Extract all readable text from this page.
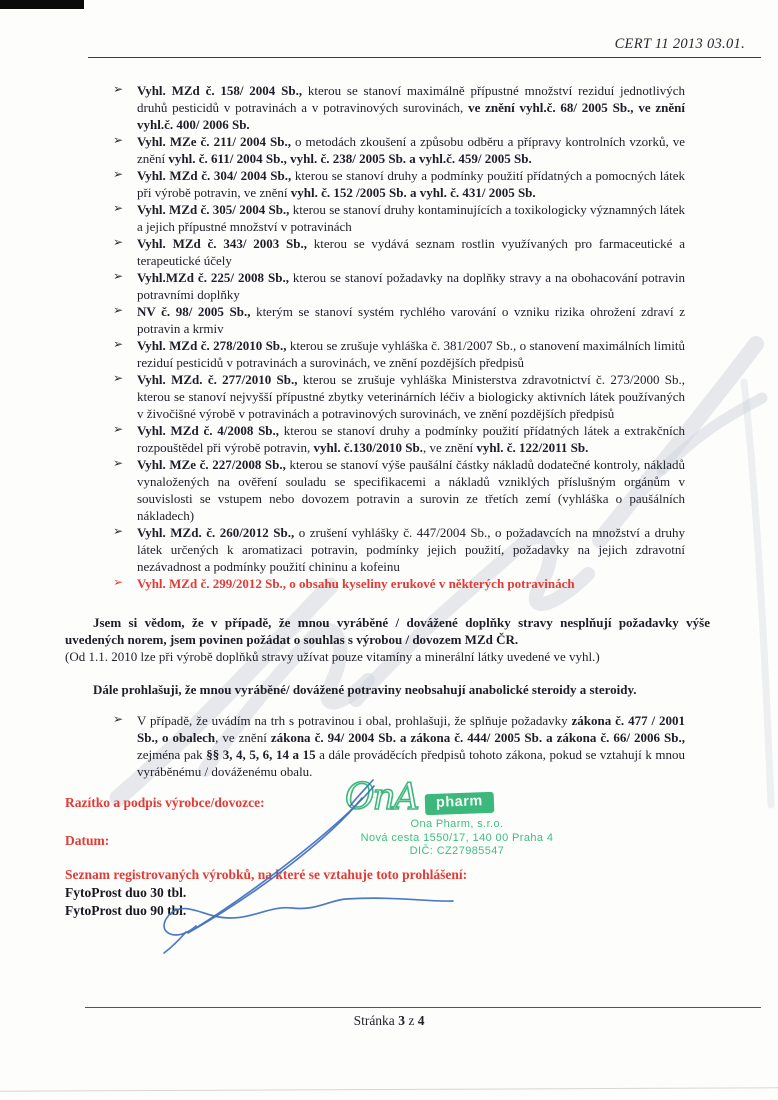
CERT 11 2013 03.01.
➢ Vyhl. MZd č. 158/ 2004 Sb., kterou se stanoví maximálně přípustné množství reziduí jednotlivých druhů pesticidů v potravinách a v potravinových surovinách, ve znění vyhl.č. 68/ 2005 Sb., ve znění vyhl.č. 400/ 2006 Sb.
➢ Vyhl. MZe č. 211/ 2004 Sb., o metodách zkoušení a způsobu odběru a přípravy kontrolních vzorků, ve znění vyhl. č. 611/ 2004 Sb., vyhl. č. 238/ 2005 Sb. a vyhl.č. 459/ 2005 Sb.
➢ Vyhl. MZd č. 304/ 2004 Sb., kterou se stanoví druhy a podmínky použití přídatných a pomocných látek při výrobě potravin, ve znění vyhl. č. 152 /2005 Sb. a vyhl. č. 431/ 2005 Sb.
➢ Vyhl. MZd č. 305/ 2004 Sb., kterou se stanoví druhy kontaminujících a toxikologicky významných látek a jejich přípustné množství v potravinách
➢ Vyhl. MZd č. 343/ 2003 Sb., kterou se vydává seznam rostlin využívaných pro farmaceutické a terapeutické účely
➢ Vyhl.MZd č. 225/ 2008 Sb., kterou se stanoví požadavky na doplňky stravy a na obohacování potravin potravními doplňky
➢ NV č. 98/ 2005 Sb., kterým se stanoví systém rychlého varování o vzniku rizika ohrožení zdraví z potravin a krmiv
➢ Vyhl. MZd č. 278/2010 Sb., kterou se zrušuje vyhláška č. 381/2007 Sb., o stanovení maximálních limitů reziduí pesticidů v potravinách a surovinách, ve znění pozdějších předpisů
➢ Vyhl. MZd. č. 277/2010 Sb., kterou se zrušuje vyhláška Ministerstva zdravotnictví č. 273/2000 Sb., kterou se stanoví nejvyšší přípustné zbytky veterinárních léčiv a biologicky aktivních látek používaných v živočišné výrobě v potravinách a potravinových surovinách, ve znění pozdějších předpisů
➢ Vyhl. MZd č. 4/2008 Sb., kterou se stanoví druhy a podmínky použití přídatných látek a extrakčních rozpouštědel při výrobě potravin, vyhl. č.130/2010 Sb., ve znění vyhl. č. 122/2011 Sb.
➢ Vyhl. MZe č. 227/2008 Sb., kterou se stanoví výše paušální částky nákladů dodatečné kontroly, nákladů vynaložených na ověření souladu se specifikacemi a nákladů vzniklých příslušným orgánům v souvislosti se vstupem nebo dovozem potravin a surovin ze třetích zemí (vyhláška o paušálních nákladech)
➢ Vyhl. MZd. č. 260/2012 Sb., o zrušení vyhlášky č. 447/2004 Sb., o požadavcích na množství a druhy látek určených k aromatizaci potravin, podmínky jejich použití, požadavky na jejich zdravotní nezávadnost a podmínky použití chininu a kofeinu
➢ Vyhl. MZd č. 299/2012 Sb., o obsahu kyseliny erukové v některých potravinách

Jsem si vědom, že v případě, že mnou vyráběné / dovážené doplňky stravy nesplňují požadavky výše uvedených norem, jsem povinen požádat o souhlas s výrobou / dovozem MZd ČR.

(Od 1.1. 2010 lze při výrobě doplňků stravy užívat pouze vitamíny a minerální látky uvedené ve vyhl.)

Dále prohlašuji, že mnou vyráběné/ dovážené potraviny neobsahují anabolické steroidy a steroidy.

➢ V případě, že uvádím na trh s potravinou i obal, prohlašuji, že splňuje požadavky zákona č. 477 / 2001 Sb., o obalech, ve znění zákona č. 94/ 2004 Sb. a zákona č. 444/ 2005 Sb. a zákona č. 66/ 2006 Sb., zejména pak §§ 3, 4, 5, 6, 14 a 15 a dále prováděcích předpisů tohoto zákona, pokud se vztahují k mnou vyráběnému / dováženému obalu.
Razítko a podpis výrobce/dovozce:
Datum:
OnA	pharm
Ona Pharm, s.r.o.
Nová cesta 1550/17, 140 00 Praha 4
DIČ: CZ27985547
Seznam registrovaných výrobků, na které se vztahuje toto prohlášení:
FytoProst duo 30 tbl.
FytoProst duo 90 tbl.
Stránka 3 z 4
